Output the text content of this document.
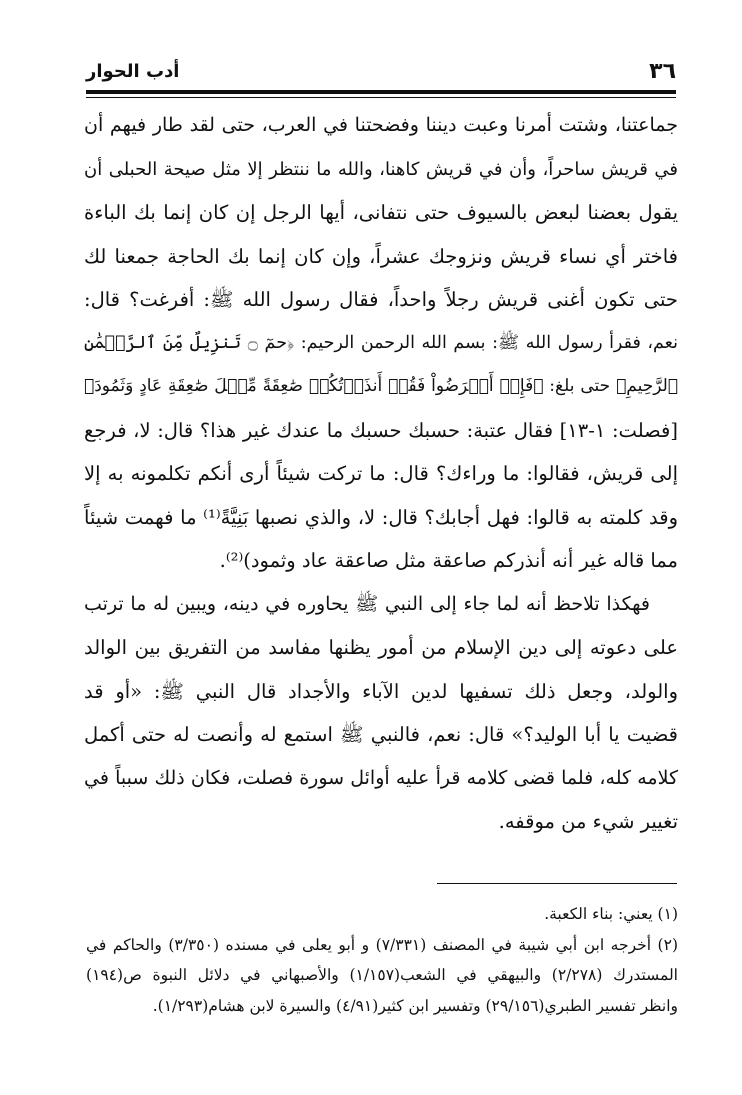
٣٦
أدب الحوار
جماعتنا، وشتت أمرنا وعبت ديننا وفضحتنا في العرب، حتى لقد طار فيهم أن
في قريش ساحراً، وأن في قريش كاهنا، والله ما ننتظر إلا مثل صيحة الحبلى أن
يقول بعضنا لبعض بالسيوف حتى نتفانى، أيها الرجل إن كان إنما بك الباءة
فاختر أي نساء قريش ونزوجك عشراً، وإن كان إنما بك الحاجة جمعنا لك
حتى تكون أغنى قريش رجلاً واحداً، فقال رسول الله ﷺ: أفرغت؟ قال:
نعم، فقرأ رسول الله ﷺ: بسم الله الرحمن الرحيم: ﴿حمٓ ۝ تَنزِيلٌ مِّنَ ٱلرَّحۡمَٰنِ
ٱلرَّحِيمِ﴾ حتى بلغ: ﴿فَإِنۡ أَعۡرَضُواْ فَقُلۡ أَنذَرۡتُكُمۡ صَٰعِقَةً مِّثۡلَ صَٰعِقَةِ عَادٍ وَثَمُودَ﴾
[فصلت: ١-١٣] فقال عتبة: حسبك حسبك ما عندك غير هذا؟ قال: لا، فرجع
إلى قريش، فقالوا: ما وراءك؟ قال: ما تركت شيئاً أرى أنكم تكلمونه به إلا
وقد كلمته به قالوا: فهل أجابك؟ قال: لا، والذي نصبها بَنِيَّةً⁽¹⁾ ما فهمت شيئاً
مما قاله غير أنه أنذركم صاعقة مثل صاعقة عاد وثمود)⁽²⁾.
فهكذا تلاحظ أنه لما جاء إلى النبي ﷺ يحاوره في دينه، ويبين له ما ترتب
على دعوته إلى دين الإسلام من أمور يظنها مفاسد من التفريق بين الوالد
والولد، وجعل ذلك تسفيها لدين الآباء والأجداد قال النبي ﷺ: «أو قد
قضيت يا أبا الوليد؟» قال: نعم، فالنبي ﷺ استمع له وأنصت له حتى أكمل
كلامه كله، فلما قضى كلامه قرأ عليه أوائل سورة فصلت، فكان ذلك سبباً في
تغيير شيء من موقفه.
(١) يعني: بناء الكعبة.
(٢) أخرجه ابن أبي شيبة في المصنف (٧/٣٣١) و أبو يعلى في مسنده (٣/٣٥٠) والحاكم في
المستدرك (٢/٢٧٨) والبيهقي في الشعب(١/١٥٧) والأصبهاني في دلائل النبوة ص(١٩٤)
وانظر تفسير الطبري(٢٩/١٥٦) وتفسير ابن كثير(٤/٩١) والسيرة لابن هشام(١/٢٩٣).
